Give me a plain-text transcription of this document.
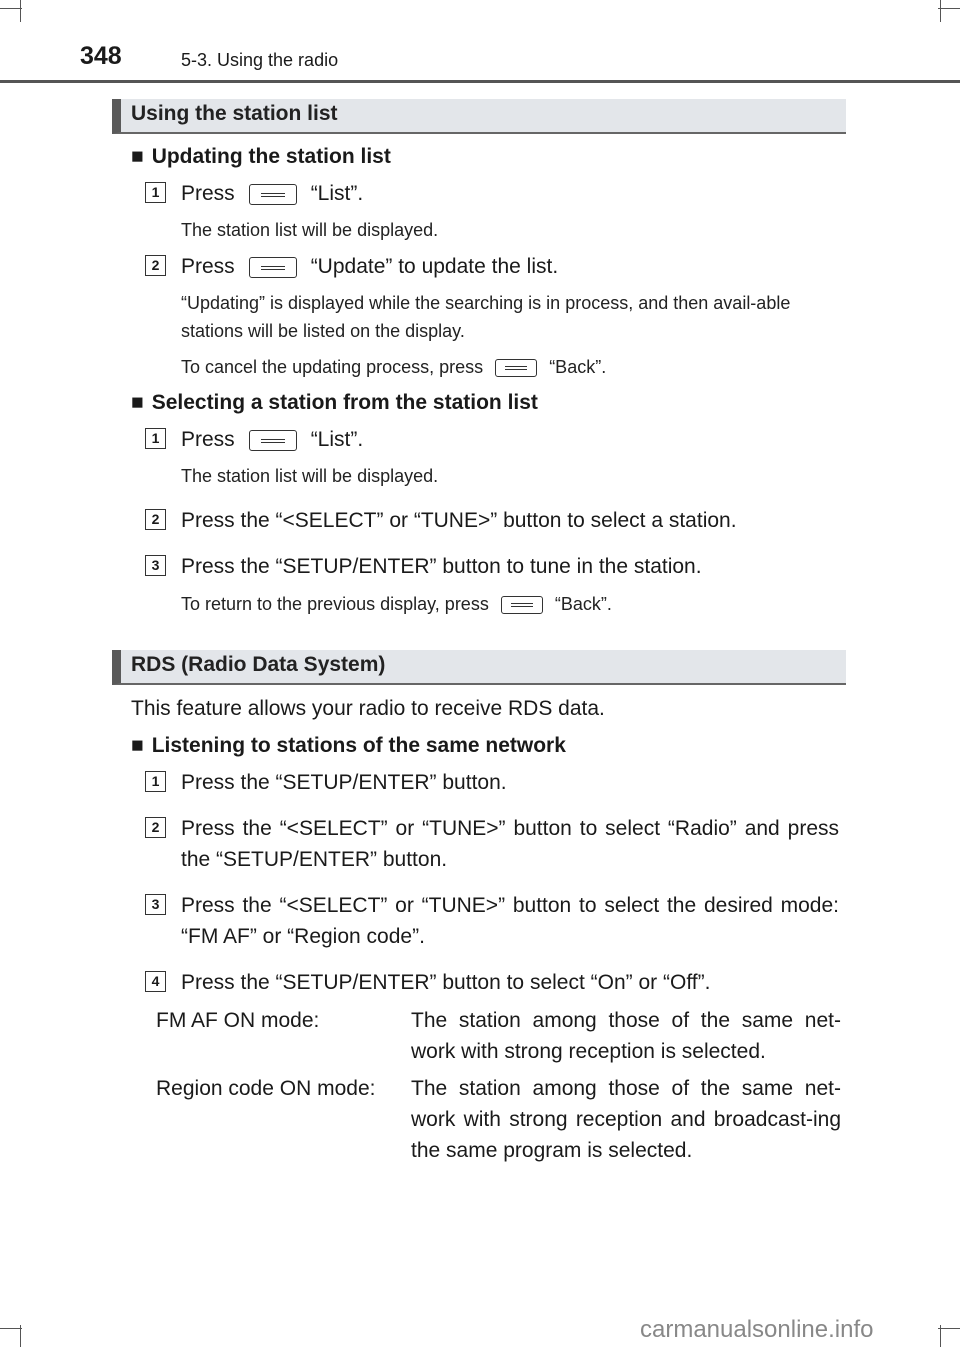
348	5-3. Using the radio
Using the station list
■ Updating the station list
1	Press	“List”.
The station list will be displayed.
2	Press	“Update” to update the list.
“Updating” is displayed while the searching is in process, and then avail-able stations will be listed on the display.
To cancel the updating process, press	“Back”.
■ Selecting a station from the station list
1	Press	“List”.
The station list will be displayed.
2	Press the “<SELECT” or “TUNE>” button to select a station.
3	Press the “SETUP/ENTER” button to tune in the station.
To return to the previous display, press	“Back”.
RDS (Radio Data System)
This feature allows your radio to receive RDS data.
■ Listening to stations of the same network
1	Press the “SETUP/ENTER” button.
2	Press the “<SELECT” or “TUNE>” button to select “Radio” and press the “SETUP/ENTER” button.
3	Press the “<SELECT” or “TUNE>” button to select the desired mode: “FM AF” or “Region code”.
4	Press the “SETUP/ENTER” button to select “On” or “Off”.
FM AF ON mode:	The station among those of the same net-work with strong reception is selected.
Region code ON mode: The station among those of the same net-work with strong reception and broadcast-ing the same program is selected.
carmanualsonline.info
